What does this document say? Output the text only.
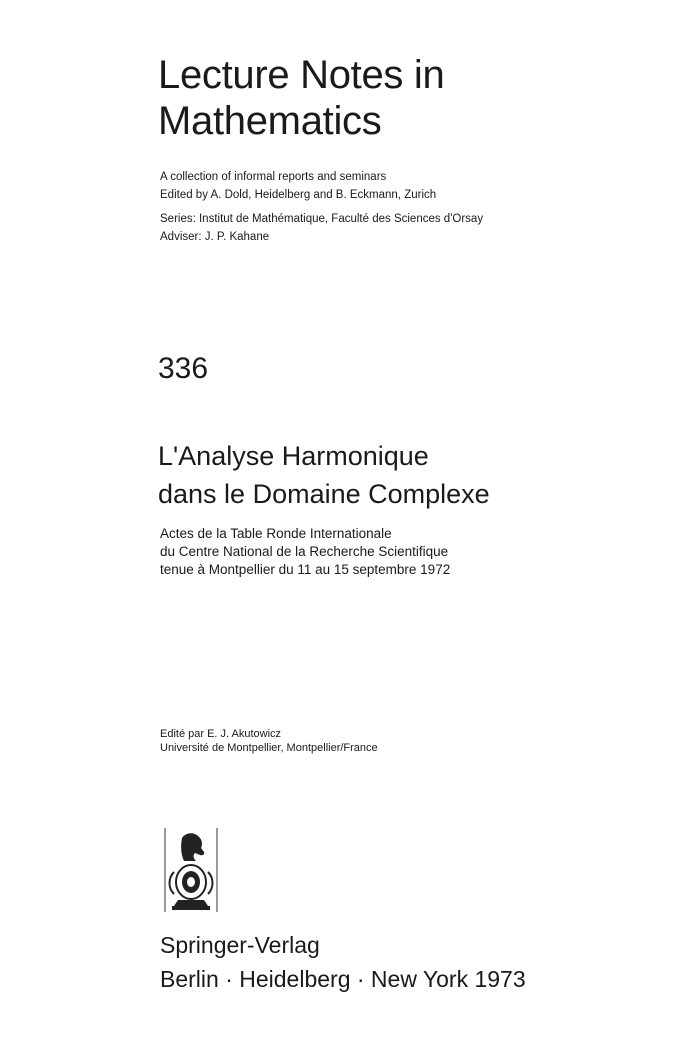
Lecture Notes in
Mathematics
A collection of informal reports and seminars
Edited by A. Dold, Heidelberg and B. Eckmann, Zurich
Series: Institut de Mathématique, Faculté des Sciences d'Orsay
Adviser: J. P. Kahane
336
L'Analyse Harmonique
dans le Domaine Complexe
Actes de la Table Ronde Internationale
du Centre National de la Recherche Scientifique
tenue à Montpellier du 11 au 15 septembre 1972
Edité par E. J. Akutowicz
Université de Montpellier, Montpellier/France
Springer-Verlag
Berlin · Heidelberg · New York 1973
